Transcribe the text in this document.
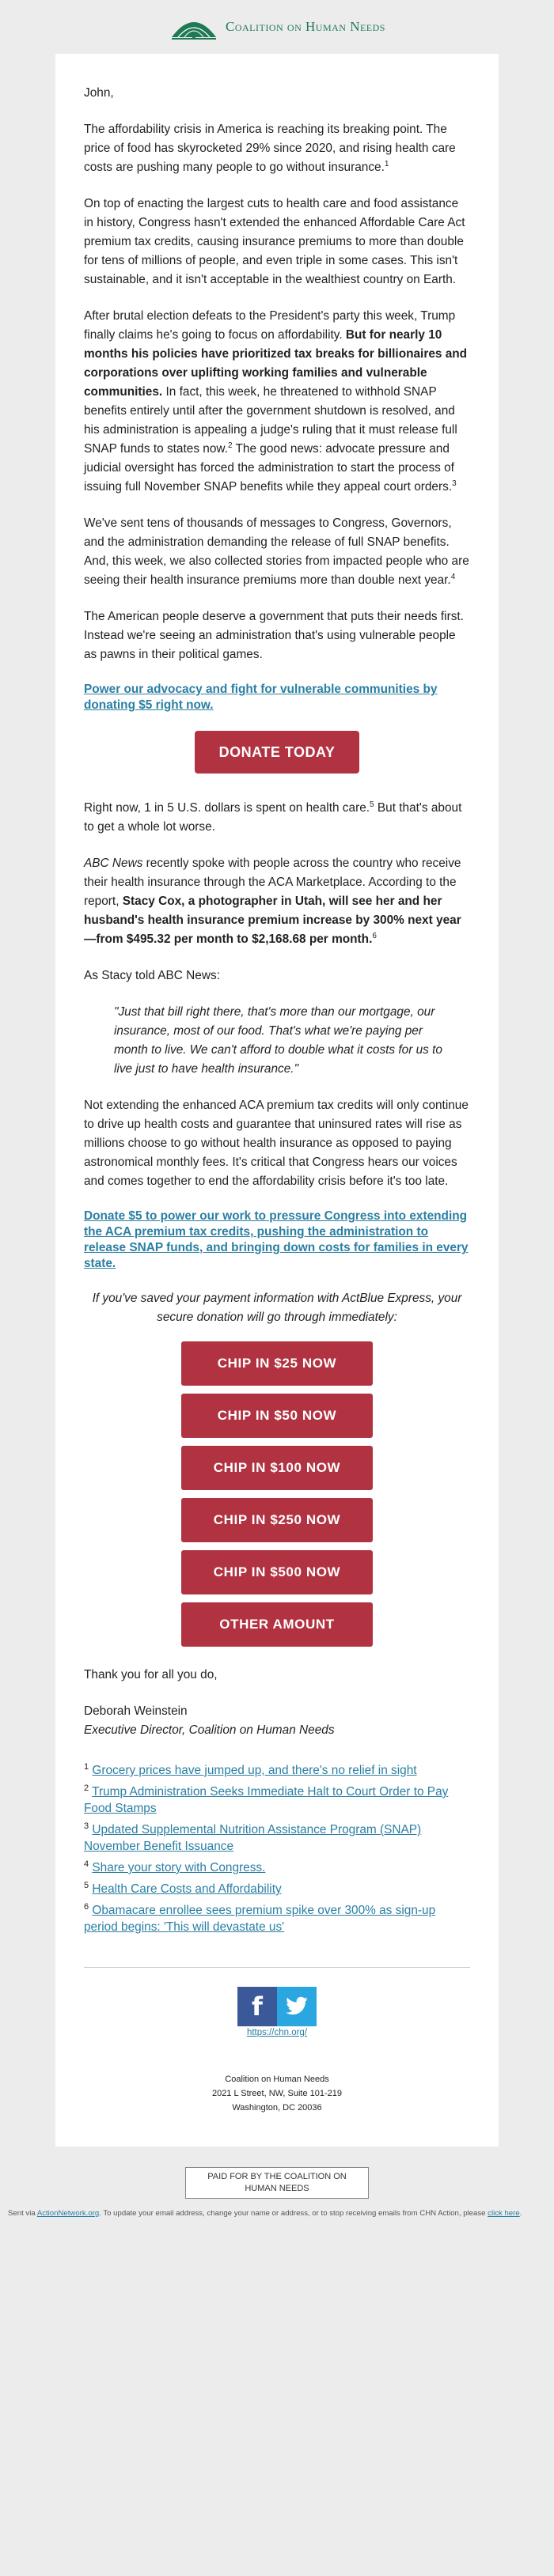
Coalition on Human Needs

John,

The affordability crisis in America is reaching its breaking point. The price of food has skyrocketed 29% since 2020, and rising health care costs are pushing many people to go without insurance.$^1$

On top of enacting the largest cuts to health care and food assistance in history, Congress hasn't extended the enhanced Affordable Care Act premium tax credits, causing insurance premiums to more than double for tens of millions of people, and even triple in some cases. This isn't sustainable, and it isn't acceptable in the wealthiest country on Earth.

After brutal election defeats to the President's party this week, Trump finally claims he's going to focus on affordability. But for nearly 10 months his policies have prioritized tax breaks for billionaires and corporations over uplifting working families and vulnerable communities. In fact, this week, he threatened to withhold SNAP benefits entirely until after the government shutdown is resolved, and his administration is appealing a judge's ruling that it must release full SNAP funds to states now.$^2$ The good news: advocate pressure and judicial oversight has forced the administration to start the process of issuing full November SNAP benefits while they appeal court orders.$^3$

We've sent tens of thousands of messages to Congress, Governors, and the administration demanding the release of full SNAP benefits. And, this week, we also collected stories from impacted people who are seeing their health insurance premiums more than double next year.$^4$

The American people deserve a government that puts their needs first. Instead we're seeing an administration that's using vulnerable people as pawns in their political games.

Power our advocacy and fight for vulnerable communities by donating $5 right now.
DONATE TODAY

Right now, 1 in 5 U.S. dollars is spent on health care.$^5$ But that's about to get a whole lot worse.

ABC News recently spoke with people across the country who receive their health insurance through the ACA Marketplace. According to the report, Stacy Cox, a photographer in Utah, will see her and her husband's health insurance premium increase by 300% next year—from $495.32 per month to $2,168.68 per month.$^6$

As Stacy told ABC News:

"Just that bill right there, that's more than our mortgage, our insurance, most of our food. That's what we're paying per month to live. We can't afford to double what it costs for us to live just to have health insurance."

Not extending the enhanced ACA premium tax credits will only continue to drive up health costs and guarantee that uninsured rates will rise as millions choose to go without health insurance as opposed to paying astronomical monthly fees. It's critical that Congress hears our voices and comes together to end the affordability crisis before it's too late.

Donate $5 to power our work to pressure Congress into extending the ACA premium tax credits, pushing the administration to release SNAP funds, and bringing down costs for families in every state.

If you've saved your payment information with ActBlue Express, your secure donation will go through immediately:

CHIP IN $25 NOW
CHIP IN $50 NOW
CHIP IN $100 NOW
CHIP IN $250 NOW
CHIP IN $500 NOW
OTHER AMOUNT

Thank you for all you do,

Deborah Weinstein
Executive Director, Coalition on Human Needs

$^1$ Grocery prices have jumped up, and there's no relief in sight
$^2$ Trump Administration Seeks Immediate Halt to Court Order to Pay Food Stamps
$^3$ Updated Supplemental Nutrition Assistance Program (SNAP) November Benefit Issuance
$^4$ Share your story with Congress.
$^5$ Health Care Costs and Affordability
$^6$ Obamacare enrollee sees premium spike over 300% as sign-up period begins: 'This will devastate us'
f
https://chn.org/
Coalition on Human Needs
2021 L Street, NW, Suite 101-219
Washington, DC 20036
PAID FOR BY THE COALITION ON HUMAN NEEDS
Sent via ActionNetwork.org. To update your email address, change your name or address, or to stop receiving emails from CHN Action, please click here.
